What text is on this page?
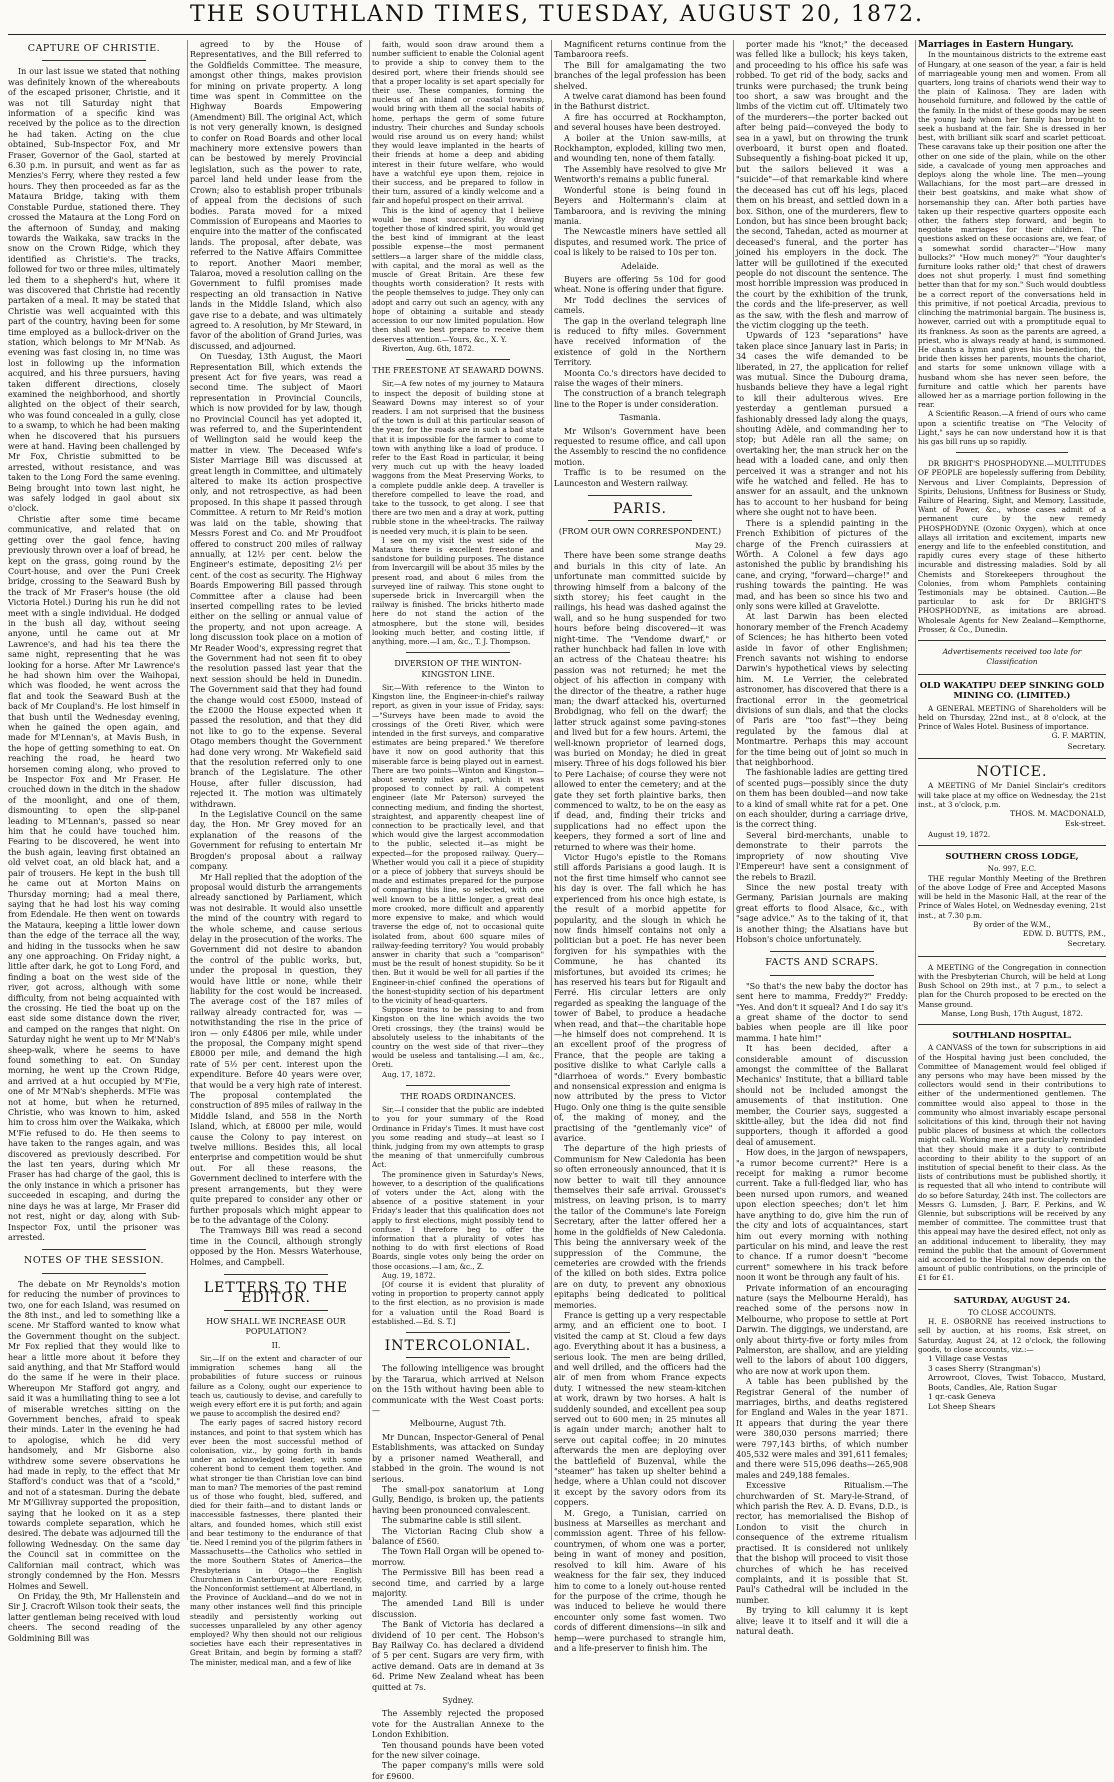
THE SOUTHLAND TIMES, TUESDAY, AUGUST 20, 1872.
CAPTURE OF CHRISTIE.

In our last issue we stated that nothing was definitely known of the whereabouts of the escaped prisoner, Christie, and it was not till Saturday night that information of a specific kind was received by the police as to the direction he had taken. Acting on the clue obtained, Sub-Inspector Fox, and Mr Fraser, Governor of the Gaol, started at 6.30 p.m. in pursuit, and went as far as Menzies's Ferry, where they rested a few hours. They then proceeded as far as the Mataura Bridge, taking with them Constable Purdue, stationed there. They crossed the Mataura at the Long Ford on the afternoon of Sunday, and making towards the Waikaka, saw tracks in the snow on the Crown Ridge, which they identified as Christie's. The tracks, followed for two or three miles, ultimately led them to a shepherd's hut, where it was discovered that Christie had recently partaken of a meal. It may be stated that Christie was well acquainted with this part of the country, having been for some time employed as a bullock-driver on the station, which belongs to Mr M'Nab. As evening was fast closing in, no time was lost in following up the information acquired, and his three pursuers, having taken different directions, closely examined the neighborhood, and shortly alighted on the object of their search, who was found concealed in a gully, close to a swamp, to which he had been making when he discovered that his pursuers were at hand. Having been challenged by Mr Fox, Christie submitted to be arrested, without resistance, and was taken to the Long Ford the same evening. Being brought into town last night, he was safely lodged in gaol about six o'clock.

Christie after some time became communicative, and related that on getting over the gaol fence, having previously thrown over a loaf of bread, he kept on the grass, going round by the Court-house, and over the Puni Creek bridge, crossing to the Seaward Bush by the track of Mr Fraser's house (the old Victoria Hotel.) During his run he did not meet with a single individual. He dodged in the bush all day, without seeing anyone, until he came out at Mr Lawrence's, and had his tea there the same night, representing that he was looking for a horse. After Mr Lawrence's he had shown him over the Waihopai, which was flooded, he went across the flat and took the Seaward Bush at the back of Mr Coupland's. He lost himself in that bush until the Wednesday evening, when he gained the open again, and made for M'Lennan's, at Mavis Bush, in the hope of getting something to eat. On reaching the road, he heard two horsemen coming along, who proved to be Inspector Fox and Mr Fraser. He crouched down in the ditch in the shadow of the moonlight, and one of them, dismounting to open the slip-panel leading to M'Lennan's, passed so near him that he could have touched him. Fearing to be discovered, he went into the bush again, leaving first obtained an old velvet coat, an old black hat, and a pair of trousers. He kept in the bush till he came out at Morton Mains on Thursday morning; had a meal there, saying that he had lost his way coming from Edendale. He then went on towards the Mataura, keeping a little lower down than the edge of the terrace all the way, and hiding in the tussocks when he saw any one approaching. On Friday night, a little after dark, he got to Long Ford, and finding a boat on the west side of the river, got across, although with some difficulty, from not being acquainted with the crossing. He tied the boat up on the east side some distance down the river, and camped on the ranges that night. On Saturday night he went up to Mr M'Nab's sheep-walk, where he seems to have found something to eat. On Sunday morning, he went up the Crown Ridge, and arrived at a hut occupied by M'Fie, one of Mr M'Nab's shepherds. M'Fie was not at home, but when he returned, Christie, who was known to him, asked him to cross him over the Waikaka, which M'Fie refused to do. He then seems to have taken to the ranges again, and was discovered as previously described. For the last ten years, during which Mr Fraser has had charge of the gaol, this is the only instance in which a prisoner has succeeded in escaping, and during the nine days he was at large, Mr Fraser did not rest, night or day, along with Sub-Inspector Fox, until the prisoner was arrested.

NOTES OF THE SESSION.

The debate on Mr Reynolds's motion for reducing the number of provinces to two, one for each Island, was resumed on the 8th inst., and led to something like a scene. Mr Stafford wanted to know what the Government thought on the subject. Mr Fox replied that they would like to hear a little more about it before they said anything, and that Mr Stafford would do the same if he were in their place. Whereupon Mr Stafford got angry, and said it was a humiliating thing to see a lot of miserable wretches sitting on the Government benches, afraid to speak their minds. Later in the evening he had to apologise, which he did very handsomely, and Mr Gisborne also withdrew some severe observations he had made in reply, to the effect that Mr Stafford's conduct was that of a "scold," and not of a statesman. During the debate Mr M'Gillivray supported the proposition, saying that he looked on it as a step towards complete separation, which he desired. The debate was adjourned till the following Wednesday. On the same day the Council sat in committee on the Californian mail contract, which was strongly condemned by the Hon. Messrs Holmes and Sewell.

On Friday, the 9th, Mr Hallenstein and Sir J. Cracroft Wilson took their seats, the latter gentleman being received with loud cheers. The second reading of the Goldmining Bill was

agreed to by the House of Representatives, and the Bill referred to the Goldfields Committee. The measure, amongst other things, makes provision for mining on private property. A long time was spent in Committee on the Highway Boards Empowering (Amendment) Bill. The original Act, which is not very generally known, is designed to confer on Road Boards and other local machinery more extensive powers than can be bestowed by merely Provincial legislation, such as the power to rate, parcel land held under lease from the Crown; also to establish proper tribunals of appeal from the decisions of such bodies. Parata moved for a mixed Commission of Europeans and Maories to enquire into the matter of the confiscated lands. The proposal, after debate, was referred to the Native Affairs Committee to report. Another Maori member, Taiaroa, moved a resolution calling on the Government to fulfil promises made respecting an old transaction in Native lands in the Middle Island, which also gave rise to a debate, and was ultimately agreed to. A resolution, by Mr Steward, in favor of the abolition of Grand Juries, was discussed, and adjourned.

On Tuesday, 13th August, the Maori Representation Bill, which extends the present Act for five years, was read a second time. The subject of Maori representation in Provincial Councils, which is now provided for by law, though no Provincial Council has yet adopted it, was referred to, and the Superintendent of Wellington said he would keep the matter in view. The Deceased Wife's Sister Marriage Bill was discussed at great length in Committee, and ultimately altered to make its action prospective only, and not retrospective, as had been proposed. In this shape it passed through Committee. A return to Mr Reid's motion was laid on the table, showing that Messrs Forest and Co. and Mr Proudfoot offered to construct 200 miles of railway annually, at 12½ per cent. below the Engineer's estimate, depositing 2½ per cent. of the cost as security. The Highway Boards Empowering Bill passed through Committee after a clause had been inserted compelling rates to be levied either on the selling or annual value of the property, and not upon acreage. A long discussion took place on a motion of Mr Reader Wood's, expressing regret that the Government had not seen fit to obey the resolution passed last year that the next session should be held in Dunedin. The Government said that they had found the change would cost £5000, instead of the £2000 the House expected when it passed the resolution, and that they did not like to go to the expense. Several Otago members thought the Government had done very wrong. Mr Wakefield said that the resolution referred only to one branch of the Legislature. The other House, after fuller discussion, had rejected it. The motion was ultimately withdrawn.

In the Legislative Council on the same day, the Hon. Mr Grey moved for an explanation of the reasons of the Government for refusing to entertain Mr Brogden's proposal about a railway company.

Mr Hall replied that the adoption of the proposal would disturb the arrangements already sanctioned by Parliament, which was not desirable. It would also unsettle the mind of the country with regard to the whole scheme, and cause serious delay in the prosecution of the works. The Government did not desire to abandon the control of the public works, but, under the proposal in question, they would have little or none, while their liability for the cost would be increased. The average cost of the 187 miles of railway already contracted for, was — notwithstanding the rise in the price of iron — only £4806 per mile, while under the proposal, the Company might spend £8000 per mile, and demand the high rate of 5½ per cent. interest upon the expenditure. Before 40 years were over, that would be a very high rate of interest. The proposal contemplated the construction of 895 miles of railway in the Middle Island, and 558 in the North Island, which, at £8000 per mile, would cause the Colony to pay interest on twelve millions. Besides this, all local enterprise and competition would be shut out. For all these reasons, the Government declined to interfere with the present arrangements, but they were quite prepared to consider any other or further proposals which might appear to be to the advantage of the Colony.

The Tramways Bill was read a second time in the Council, although strongly opposed by the Hon. Messrs Waterhouse, Holmes, and Campbell.

LETTERS TO THE EDITOR.
HOW SHALL WE INCREASE OUR POPULATION?
II.

Sir,—If on the extent and character of our immigration schemes hang all the probabilities of future success or ruinous failure as a Colony, ought our experience to teach us, cautiously to devise, and carefully to weigh every effort ere it is put forth; and again we pause to accomplish the desired end?

The early pages of sacred history record instances, and point to that system which has ever been the most successful method of colonisation, viz., by going forth in bands under an acknowledged leader, with some coherent bond to cement them together. And what stronger tie than Christian love can bind man to man? The memories of the past remind us of those who fought, bled, suffered, and died for their faith—and to distant lands or inaccessible fastnesses, there planted their altars, and founded homes, which still exist and bear testimony to the endurance of that tie. Need I remind you of the pilgrim fathers in Massachusetts—the Catholics who settled in the more Southern States of America—the Presbyterians in Otago—the English Churchmen in Canterbury—or, more recently, the Nonconformist settlement at Albertland, in the Province of Auckland—and do we not in many other instances well find this principle steadily and persistently working out successes unparalleled by any other agency employed? Why then should not our religious societies have each their representatives in Great Britain, and begin by forming a staff? The minister, medical man, and a few of like

faith, would soon draw around them a number sufficient to enable the Colonial agent to provide a ship to convey them to the desired port, where their friends should see that a proper locality is set apart specially for their use. These companies, forming the nucleus of an inland or coastal township, would bring with them all the social habits of home, perhaps the germ of some future industry. Their churches and Sunday schools would rise around us on every hand; whilst they would leave implanted in the hearts of their friends at home a deep and abiding interest in their future welfare, who would have a watchful eye upon them, rejoice in their success, and be prepared to follow in their turn, assured of a kindly welcome and a fair and hopeful prospect on their arrival.

This is the kind of agency that I believe would be most successful. By drawing together those of kindred spirit, you would get the best kind of immigrant at the least possible expense—the most permanent settlers—a larger share of the middle class, with capital, and the moral as well as the muscle of Great Britain. Are these few thoughts worth consideration? It rests with the people themselves to judge. They only can adopt and carry out such an agency, with any hope of obtaining a suitable and steady accession to our now limited population. How then shall we best prepare to receive them deserves attention.—Yours, &c., X. Y.

Riverton, Aug. 6th, 1872.

THE FREESTONE AT SEAWARD DOWNS.

Sir,—A few notes of my journey to Mataura to inspect the deposit of building stone at Seaward Downs may interest so of your readers. I am not surprised that the business of the town is dull at this particular season of the year, for the roads are in such a bad state that it is impossible for the farmer to come to town with anything like a load of produce. I refer to the East Road in particular, it being very much cut up with the heavy loaded waggons from the Meat Preserving Works, to a complete puddle ankle deep. A traveller is therefore compelled to leave the road, and take to the tussock, to get along. I see that there are two men and a dray at work, putting rubble stone in the wheel-tracks. The railway is needed very much, it is plain to be seen.

I see on my visit the west side of the Mataura there is excellent freestone and sandstone for building purposes. The distance from Invercargill will be about 35 miles by the present road, and about 6 miles from the surveyed line of railway. This stone ought to supersede brick in Invercargill when the railway is finished. The bricks hitherto made here do not stand the action of the atmosphere, but the stone will, besides looking much better, and costing little, if anything, more.—I am, &c., T. J. Thompson.

DIVERSION OF THE WINTON-KINGSTON LINE.

Sir,—With reference to the Winton to Kingston line, the Engineer-in-chief's railway report, as given in your issue of Friday, says:—"Surveys have been made to avoid the crossings of the Oreti River, which were intended in the first surveys, and comparative estimates are being prepared." We therefore have it now on good authority that this miserable farce is being played out in earnest. There are two points—Winton and Kingston—about seventy miles apart, which it was proposed to connect by rail. A competent engineer (late Mr Paterson) surveyed the connecting medium, and finding the shortest, straightest, and apparently cheapest line of connection to be practically level, and that which would give the largest accommodation to the public, selected it—as might be expected—for the proposed railway. Query—Whether would you call it a piece of stupidity or a piece of jobbery that surveys should be made and estimates prepared for the purpose of comparing this line, so selected, with one well known to be a little longer, a great deal more crooked, more difficult and apparently more expensive to make, and which would traverse the edge of, not to occasional quite isolated from, about 600 square miles of railway-feeding territory? You would probably answer in charity that such a "comparison" must be the result of honest stupidity. So be it then. But it would be well for all parties if the Engineer-in-chief confined the operations of the honest-stupidity section of his department to the vicinity of head-quarters.

Suppose trains to be passing to and from Kingston on the line which avoids the two Oreti crossings, they (the trains) would be absolutely useless to the inhabitants of the country on the west side of that river—they would be useless and tantalising.—I am, &c., Oreti.

Aug. 17, 1872.

THE ROADS ORDINANCES.

Sir,—I consider that the public are indebted to you for your summary of the Road Ordinance in Friday's Times. It must have cost you some reading and study—at least so I think, judging from my own attempts to grasp the meaning of that unmercifully cumbrous Act.

The prominence given in Saturday's News, however, to a description of the qualifications of voters under the Act, along with the absence of a positive statement in your Friday's leader that this qualification does not apply to first elections, might possibly tend to confuse. I therefore beg to offer the information that a plurality of votes has nothing to do with first elections of Road Boards, single votes only being the order on those occasions.—I am, &c., Z.

Aug. 19, 1872.

[Of course it is evident that plurality of voting in proportion to property cannot apply to the first election, as no provision is made for a valuation until the Road Board is established.—Ed. S. T.]

INTERCOLONIAL.

The following intelligence was brought by the Tararua, which arrived at Nelson on the 15th without having been able to communicate with the West Coast ports:—

Melbourne, August 7th.

Mr Duncan, Inspector-General of Penal Establishments, was attacked on Sunday by a prisoner named Weatherall, and stabbed in the groin. The wound is not serious.

The small-pox sanatorium at Long Gully, Bendigo, is broken up, the patients having been pronounced convalescent.

The submarine cable is still silent.

The Victorian Racing Club show a balance of £560.

The Town Hall Organ will be opened to-morrow.

The Permissive Bill has been read a second time, and carried by a large majority.

The amended Land Bill is under discussion.

The Bank of Victoria has declared a dividend of 10 per cent. The Hobson's Bay Railway Co. has declared a dividend of 5 per cent. Sugars are very firm, with active demand. Oats are in demand at 3s 6d. Prime New Zealand wheat has been quitted at 7s.

Sydney.

The Assembly rejected the proposed vote for the Australian Annexe to the London Exhibition.

Ten thousand pounds have been voted for the new silver coinage.

The paper company's mills were sold for £9600.

Magnificent returns continue from the Tambaroora reefs.

The Bill for amalgamating the two branches of the legal profession has been shelved.

A twelve carat diamond has been found in the Bathurst district.

A fire has occurred at Rockhampton, and several houses have been destroyed.

A boiler at the Union saw-mills, at Rockhampton, exploded, killing two men, and wounding ten, none of them fatally.

The Assembly have resolved to give Mr Wentworth's remains a public funeral.

Wonderful stone is being found in Beyers and Holtermann's claim at Tambaroora, and is reviving the mining mania.

The Newcastle miners have settled all disputes, and resumed work. The price of coal is likely to be raised to 10s per ton.

Adelaide.

Buyers are offering 5s 10d for good wheat. None is offering under that figure.

Mr Todd declines the services of camels.

The gap in the overland telegraph line is reduced to fifty miles. Government have received information of the existence of gold in the Northern Territory.

Moonta Co.'s directors have decided to raise the wages of their miners.

The construction of a branch telegraph line to the Roper is under consideration.

Tasmania.

Mr Wilson's Government have been requested to resume office, and call upon the Assembly to rescind the no confidence motion.

Traffic is to be resumed on the Launceston and Western railway.

PARIS.
(FROM OUR OWN CORRESPONDENT.)

May 29.

There have been some strange deaths and burials in this city of late. An unfortunate man committed suicide by throwing himself from a balcony of the sixth storey; his feet caught in the railings, his head was dashed against the wall, and so he hung suspended for two hours before being discovered—it was night-time. The "Vendome dwarf," or rather hunchback had fallen in love with an actress of the Chateau theatre: his passion was not returned; he met the object of his affection in company with the director of the theatre, a rather huge man; the dwarf attacked his, overturned Brobdignag, who fell on the dwarf; the latter struck against some paving-stones and lived but for a few hours. Artemi, the well-known proprietor of learned dogs, was buried on Monday; he died in great misery. Three of his dogs followed his bier to Pere Lachaise; of course they were not allowed to enter the cemetery; and at the gate they set forth plaintive barks, then commenced to waltz, to be on the easy as if dead, and, finding their tricks and supplications had no effect upon the keepers, they formed a sort of line and returned to where was their home.

Victor Hugo's epistle to the Romans still affords Parisians a good laugh. It is not the first time himself who cannot see his day is over. The fall which he has experienced from his once high estate, is the result of a morbid appetite for popularity, and the slough in which he now finds himself contains not only a politician but a poet. He has never been forgiven for his sympathies with the Commune, he has chanted its misfortunes, but avoided its crimes; he has reserved his tears but for Rigault and Ferré. His circular letters are only regarded as speaking the language of the tower of Babel, to produce a headache when read, and that—the charitable hope—he himself does not comprehend. It is an excellent proof of the progress of France, that the people are taking a positive dislike to what Carlyle calls a "diarrhoea of words." Every bombastic and nonsensical expression and enigma is now attributed by the press to Victor Hugo. Only one thing is the quite sensible of, the making of money, and the practising of the "gentlemanly vice" of avarice.

The departure of the high priests of Communism for New Caledonia has been so often erroneously announced, that it is now better to wait till they announce themselves their safe arrival. Grousset's mistress, on leaving prison, is to marry the tailor of the Commune's late Foreign Secretary, after the latter offered her a home in the goldfields of New Caledonia. This being the anniversary week of the suppression of the Commune, the cemeteries are crowded with the friends of the killed on both sides. Extra police are on duty, to prevent any obnoxious epitaphs being dedicated to political memories.

France is getting up a very respectable army, and an efficient one to boot. I visited the camp at St. Cloud a few days ago. Everything about it has a business, a serious look. The men are being drilled, and well drilled, and the officers had the air of men from whom France expects duty. I witnessed the new steam-kitchen at work, drawn by two horses. A halt is suddenly sounded, and excellent pea soup served out to 600 men; in 25 minutes all is again under march; another halt to serve out capital coffee; in 20 minutes afterwards the men are deploying over the battlefield of Buzenval, while the "steamer" has taken up shelter behind a hedge, where a Uhlan could not discover it except by the savory odors from its coppers.

M. Grego, a Tunisian, carried on business at Marseilles as merchant and commission agent. Three of his fellow-countrymen, of whom one was a porter, being in want of money and position, resolved to kill him. Aware of his weakness for the fair sex, they induced him to come to a lonely out-house rented for the purpose of the crime, though he was induced to believe he would there encounter only some fast women. Two cords of different dimensions—in silk and hemp—were purchased to strangle him, and a life-preserver to finish him. The

porter made his "knot;" the deceased was felled like a bullock; his keys taken, and proceeding to his office his safe was robbed. To get rid of the body, sacks and trunks were purchased; the trunk being too short, a saw was brought and the limbs of the victim cut off. Ultimately two of the murderers—the porter backed out after being paid—conveyed the body to sea in a yawl, but on throwing the trunk overboard, it burst open and floated. Subsequently a fishing-boat picked it up, but the sailors believed it was a "suicide"—of that remarkable kind where the deceased has cut off his legs, placed them on his breast, and settled down in a box. Sithon, one of the murderers, flew to London, but has since been brought back; the second, Tahedan, acted as mourner at deceased's funeral, and the porter has joined his employers in the dock. The latter will be guillotined if the executed people do not discount the sentence. The most horrible impression was produced in the court by the exhibition of the trunk, the cords and the life-preserver, as well as the saw, with the flesh and marrow of the victim clogging up the teeth.

Upwards of 123 "separations" have taken place since January last in Paris; in 34 cases the wife demanded to be liberated, in 27, the application for relief was mutual. Since the Dubourg drama, husbands believe they have a legal right to kill their adulterous wives. Ere yesterday a gentleman pursued a fashionably dressed lady along the quays, shouting Adèle, and commanding her to stop; but Adèle ran all the same; on overtaking her, the man struck her on the head with a loaded cane, and only then perceived it was a stranger and not his wife he watched and felled. He has to answer for an assault, and the unknown has to account to her husband for being where she ought not to have been.

There is a splendid painting in the French Exhibition of pictures of the charge of the French cuirassiers at Wörth. A Colonel a few days ago astonished the public by brandishing his cane, and crying, "forward—charge!" and rushing towards the painting. He was mad, and has been so since his two and only sons were killed at Gravelotte.

At last Darwin has been elected honorary member of the French Academy of Sciences; he has hitherto been voted aside in favor of other Englishmen; French savants not wishing to endorse Darwin's hypothetical views by selecting him. M. Le Verrier, the celebrated astronomer, has discovered that there is a fractional error in the geometrical divisions of sun dials, and that the clocks of Paris are "too fast"—they being regulated by the famous dial at Montmartre. Perhaps this may account for the time being out of joint so much in that neighborhood.

The fashionable ladies are getting tired of scented pugs—possibly since the duty on them has been doubled—and now take to a kind of small white rat for a pet. One on each shoulder, during a carriage drive, is the correct thing.

Several bird-merchants, unable to demonstrate to their parrots the impropriety of now shouting Vive l'Empereur! have sent a consignment of the rebels to Brazil.

Since the new postal treaty with Germany, Parisian journals are making great efforts to flood Alsace, &c., with "sage advice." As to the taking of it, that is another thing; the Alsatians have but Hobson's choice unfortunately.

FACTS AND SCRAPS.

"So that's the new baby the doctor has sent here to mamma, Freddy?" Freddy: "Yes. And don't it squeal? And I do say it's a great shame of the doctor to send babies when people are ill like poor mamma. I hate him!"

It has been decided, after a considerable amount of discussion amongst the committee of the Ballarat Mechanics' Institute, that a billiard table should not be included amongst the amusements of that institution. One member, the Courier says, suggested a skittle-alley, but the idea did not find supporters, though it afforded a good deal of amusement.

How does, in the jargon of newspapers, "a rumor become current?" Here is a receipt for making a rumor become current. Take a full-fledged liar, who has been nursed upon rumors, and weaned upon election speeches; don't let him have anything to do, give him the run of the city and lots of acquaintances, start him out every morning with nothing particular on his mind, and leave the rest to chance. If a rumor doesn't "become current" somewhere in his track before noon it wont be through any fault of his.

Private information of an encouraging nature (says the Melbourne Herald), has reached some of the persons now in Melbourne, who propose to settle at Port Darwin. The diggings, we understand, are only about thirty-five or forty miles from Palmerston, are shallow, and are yielding well to the labors of about 100 diggers, who are now at work upon them.

A table has been published by the Registrar General of the number of marriages, births, and deaths registered for England and Wales in the year 1871. It appears that during the year there were 380,030 persons married; there were 797,143 births, of which number 405,532 were males and 391,611 females; and there were 515,096 deaths—265,908 males and 249,188 females.

Excessive Ritualism.—The churchwarden of St. Mary-le-Strand, of which parish the Rev. A. D. Evans, D.D., is rector, has memorialised the Bishop of London to visit the church in consequence of the extreme ritualism practised. It is considered not unlikely that the bishop will proceed to visit those churches of which he has received complaints, and it is possible that St. Paul's Cathedral will be included in the number.

By trying to kill calumny it is kept alive; leave it to itself and it will die a natural death.

Marriages in Eastern Hungary.

In the mountainous districts to the extreme east of Hungary, at one season of the year, a fair is held of marriageable young men and women. From all quarters, long trains of chariots wend their way to the plain of Kalinosa. They are laden with household furniture, and followed by the cattle of the family. In the midst of these goods may be seen the young lady whom her family has brought to seek a husband at the fair. She is dressed in her best, with brilliant silk scarf and scarlet petticoat. These caravans take up their position one after the other on one side of the plain, while on the other side, a cavalcade of young men approaches and deploys along the whole line. The men—young Wallachians, for the most part—are dressed in their best goatskins, and make what show of horsemanship they can. After both parties have taken up their respective quarters opposite each other, the fathers step forward, and begin to negotiate marriages for their children. The questions asked on these occasions are, we fear, of a somewhat sordid character—"How many bullocks?" "How much money?" "Your daughter's furniture looks rather old;" that chest of drawers does not shut properly. I must find something better than that for my son." Such would doubtless be a correct report of the conversations held in this primitive, if not poetical Arcadia, previous to clinching the matrimonial bargain. The business is, however, carried out with a promptitude equal to its frankness. As soon as the parents are agreed, a priest, who is always ready at hand, is summoned. He chants a hymn and gives his benediction, the bride then kisses her parents, mounts the chariot, and starts for some unknown village with a husband whom she has never seen before, the furniture and cattle which her parents have allowed her as a marriage portion following in the rear.

A Scientific Reason.—A friend of ours who came upon a scientific treatise on "The Velocity of Light," says he can now understand how it is that his gas bill runs up so rapidly.

DR BRIGHT'S PHOSPHODYNE.—MULTITUDES OF PEOPLE are hopelessly suffering from Debility, Nervous and Liver Complaints, Depression of Spirits, Delusions, Unfitness for Business or Study, Failure of Hearing, Sight, and Memory, Lassitude, Want of Power, &c., whose cases admit of a permanent cure by the new remedy PHOSPHODYNE (Ozonic Oxygen), which at once allays all irritation and excitement, imparts new energy and life to the enfeebled constitution, and rapidly cures every stage of these hitherto incurable and distressing maladies. Sold by all Chemists and Storekeepers throughout the Colonies, from whom Pamphlets containing Testimonials may be obtained. Caution.—Be particular to ask for Dr BRIGHT'S PHOSPHODYNE, as imitations are abroad. Wholesale Agents for New Zealand—Kempthorne, Prosser, & Co., Dunedin.

Advertisements received too late for Classification

OLD WAKATIPU DEEP SINKING GOLD MINING CO. (LIMITED.)

A GENERAL MEETING of Shareholders will be held on Thursday, 22nd inst., at 8 o'clock, at the Prince of Wales Hotel. Business of importance.

G. F. MARTIN,

Secretary.

NOTICE.

A MEETING of Mr Daniel Sinclair's creditors will take place at my office on Wednesday, the 21st inst., at 3 o'clock, p.m.

THOS. M. MACDONALD,

Esk-street.

August 19, 1872.

SOUTHERN CROSS LODGE,

No. 997, E.C.

THE regular Monthly Meeting of the Brethren of the above Lodge of Free and Accepted Masons will be held in the Masonic Hall, at the rear of the Prince of Wales Hotel, on Wednesday evening, 21st inst., at 7.30 p.m.

By order of the W.M.,

EDW. D. BUTTS, P.M.,

Secretary.

A MEETING of the Congregation in connection with the Presbyterian Church, will be held at Long Bush School on 29th inst., at 7 p.m., to select a plan for the Church proposed to be erected on the Manse ground.

Manse, Long Bush, 17th August, 1872.

SOUTHLAND HOSPITAL.

A CANVASS of the town for subscriptions in aid of the Hospital having just been concluded, the Committee of Management would feel obliged if any persons who may have been missed by the collectors would send in their contributions to either of the undermentioned gentlemen. The committee would also appeal to those in the community who almost invariably escape personal solicitations of this kind, through their not having public places of business at which the collectors might call. Working men are particularly reminded that they should make it a duty to contribute according to their ability to the support of an institution of special benefit to their class. As the lists of contributions must be published shortly, it is requested that all who intend to contribute will do so before Saturday, 24th inst. The collectors are Messrs G. Lumsden, J. Barr, F. Perkins, and W. Glennie, but subscriptions will be received by any member of committee. The committee trust that this appeal may have the desired effect, not only as an additional inducement to liberality, they may remind the public that the amount of Government aid accorded to the Hospital now depends on the amount of public contributions, on the principle of £1 for £1.

SATURDAY, AUGUST 24.

TO CLOSE ACCOUNTS.

H. E. OSBORNE has received instructions to sell by auction, at his rooms, Esk street, on Saturday, August 24, at 12 o'clock, the following goods, to close accounts, viz.:—

1 Village case Vestas

3 cases Sherry (Strangman's)

Arrowroot, Cloves, Twist Tobacco, Mustard, Boots, Candles, Ale, Ration Sugar

1 qr.-cask Geneva

Lot Sheep Shears
